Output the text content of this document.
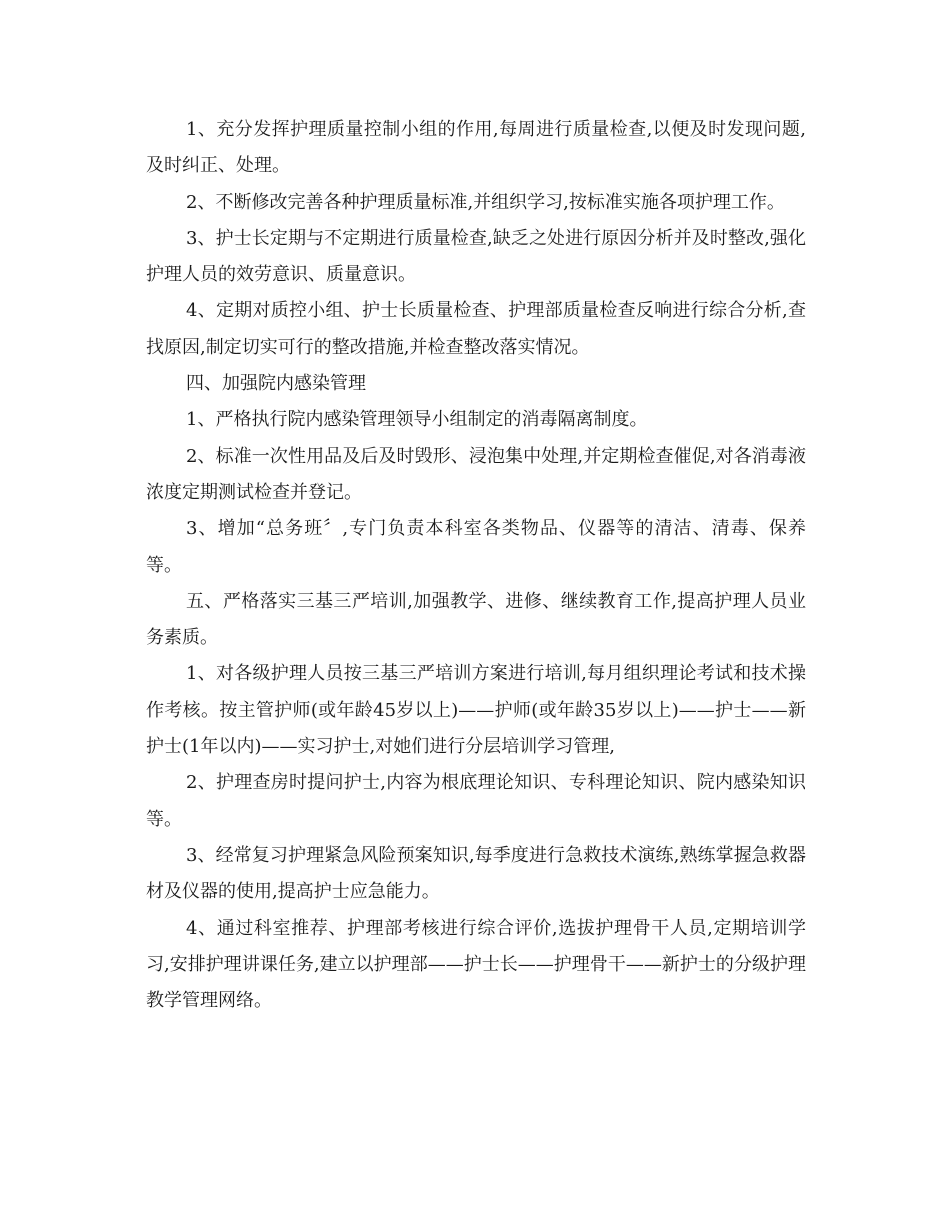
1、充分发挥护理质量控制小组的作用,每周进行质量检查,以便及时发现问题,及时纠正、处理。

2、不断修改完善各种护理质量标准,并组织学习,按标准实施各项护理工作。

3、护士长定期与不定期进行质量检查,缺乏之处进行原因分析并及时整改,强化护理人员的效劳意识、质量意识。

4、定期对质控小组、护士长质量检查、护理部质量检查反响进行综合分析,查找原因,制定切实可行的整改措施,并检查整改落实情况。

四、加强院内感染管理

1、严格执行院内感染管理领导小组制定的消毒隔离制度。

2、标准一次性用品及后及时毁形、浸泡集中处理,并定期检查催促,对各消毒液浓度定期测试检查并登记。

3、增加“总务班〞,专门负责本科室各类物品、仪器等的清洁、清毒、保养等。

五、严格落实三基三严培训,加强教学、进修、继续教育工作,提高护理人员业务素质。

1、对各级护理人员按三基三严培训方案进行培训,每月组织理论考试和技术操作考核。按主管护师(或年龄45岁以上)——护师(或年龄35岁以上)——护士——新护士(1年以内)——实习护士,对她们进行分层培训学习管理,

2、护理查房时提问护士,内容为根底理论知识、专科理论知识、院内感染知识等。

3、经常复习护理紧急风险预案知识,每季度进行急救技术演练,熟练掌握急救器材及仪器的使用,提高护士应急能力。

4、通过科室推荐、护理部考核进行综合评价,选拔护理骨干人员,定期培训学习,安排护理讲课任务,建立以护理部——护士长——护理骨干——新护士的分级护理教学管理网络。
